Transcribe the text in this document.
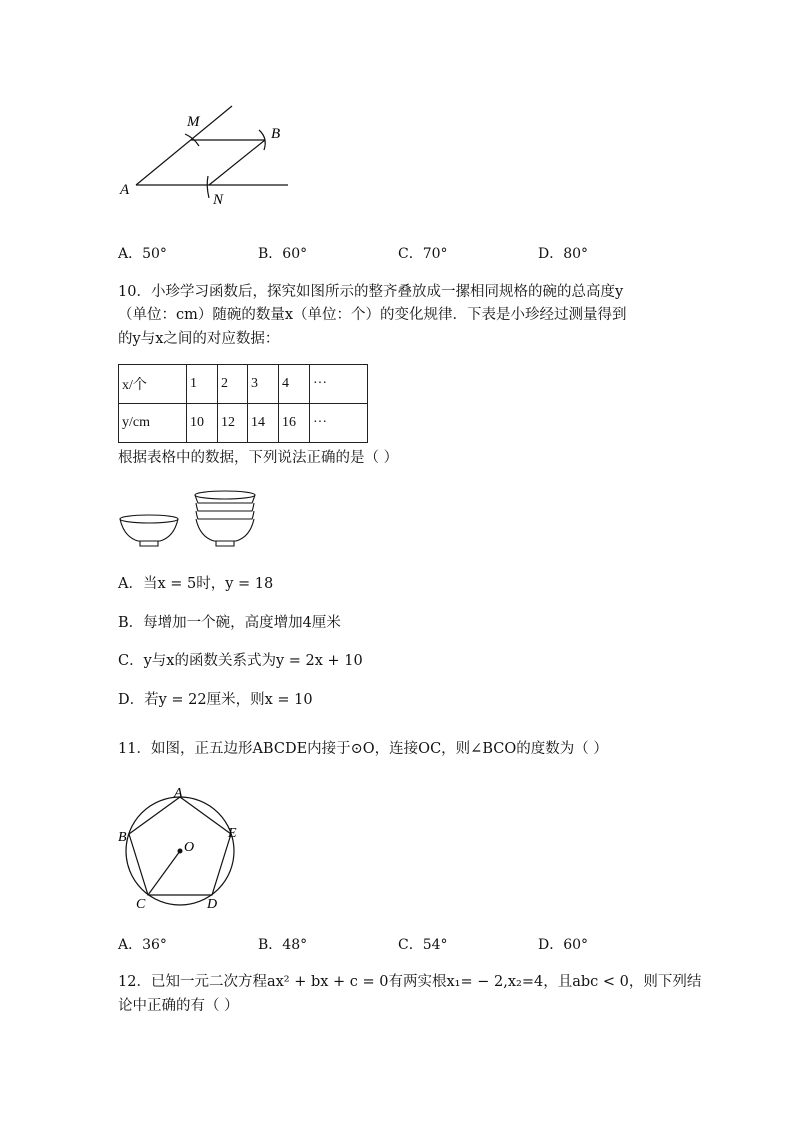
M
B
A
N
A．50°	B．60°	C．70°	D．80°
10．小珍学习函数后，探究如图所示的整齐叠放成一摞相同规格的碗的总高度y
（单位：cm）随碗的数量x（单位：个）的变化规律．下表是小珍经过测量得到
的y与x之间的对应数据：
x/个	1	2	3	4	···
y/cm	10	12	14	16	···
根据表格中的数据，下列说法正确的是（ ）
A．当x = 5时，y = 18
B．每增加一个碗，高度增加4厘米
C．y与x的函数关系式为y = 2x + 10
D．若y = 22厘米，则x = 10
11．如图，正五边形ABCDE内接于⊙O，连接OC，则∠BCO的度数为（ ）
A
B
C	D
E
O
A．36°	B．48°	C．54°	D．60°
12．已知一元二次方程ax² + bx + c = 0有两实根x₁= − 2,x₂=4，且abc < 0，则下列结
论中正确的有（ ）
